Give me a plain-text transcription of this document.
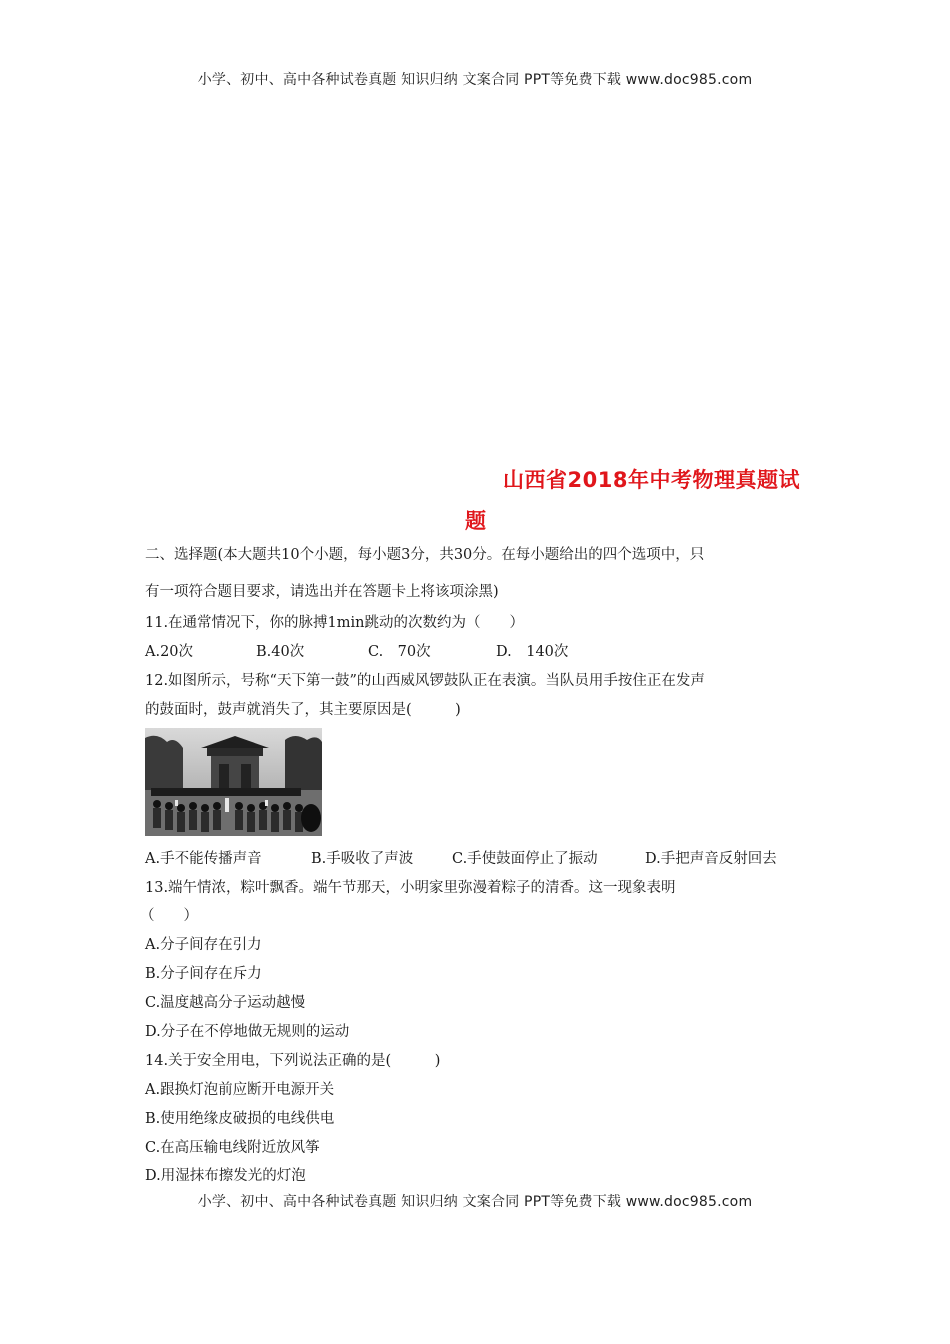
小学、初中、高中各种试卷真题 知识归纳 文案合同 PPT等免费下载 www.doc985.com
山西省2018年中考物理真题试
题
二、选择题(本大题共10个小题，每小题3分，共30分。在每小题给出的四个选项中，只
有一项符合题目要求，请选出并在答题卡上将该项涂黑)
11.在通常情况下，你的脉搏1min跳动的次数约为（　　）
A.20次	B.40次	C.　70次	D.　140次
12.如图所示，号称“天下第一鼓”的山西威风锣鼓队正在表演。当队员用手按住正在发声
的鼓面时，鼓声就消失了，其主要原因是(　　　)
A.手不能传播声音	B.手吸收了声波	C.手使鼓面停止了振动	D.手把声音反射回去
13.端午情浓，粽叶飘香。端午节那天，小明家里弥漫着粽子的清香。这一现象表明
（　　）
A.分子间存在引力
B.分子间存在斥力
C.温度越高分子运动越慢
D.分子在不停地做无规则的运动
14.关于安全用电，下列说法正确的是(　　　)
A.跟换灯泡前应断开电源开关
B.使用绝缘皮破损的电线供电
C.在高压输电线附近放风筝
D.用湿抹布擦发光的灯泡
小学、初中、高中各种试卷真题 知识归纳 文案合同 PPT等免费下载 www.doc985.com
